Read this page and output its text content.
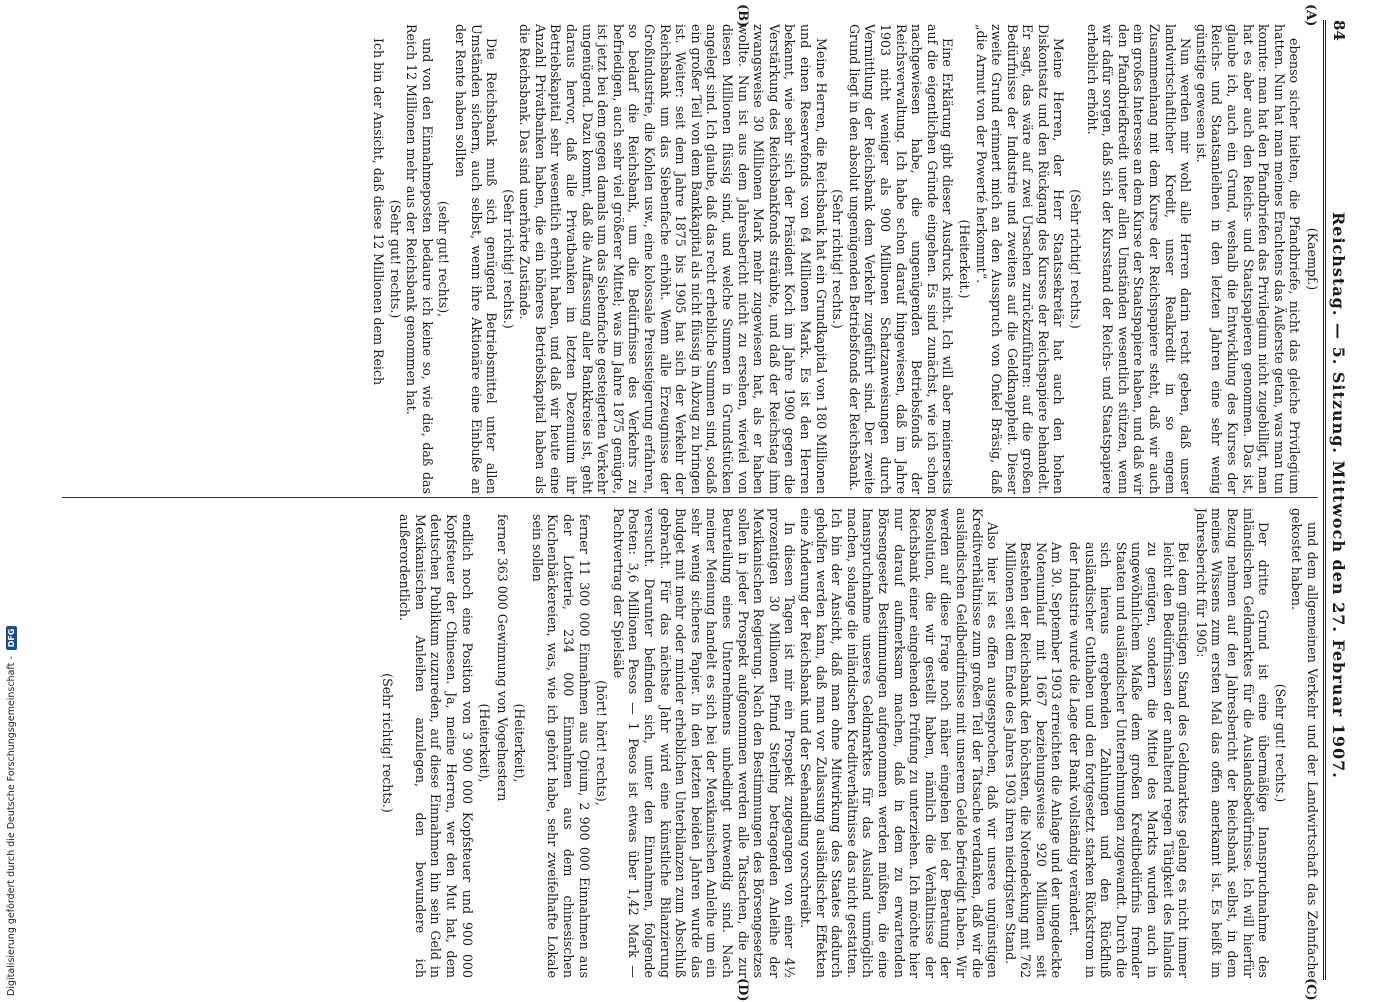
84
Reichstag. — 5. Sitzung. Mittwoch den 27. Februar 1907.
(A)
(B)
(C)
(D)
(Kaempf.)

ebenso sicher hielten, die Pfandbriefe, nicht das gleiche Privilegium hatten. Nun hat man meines Erachtens das Äußerste getan, was man tun konnte: man hat den Pfandbriefen das Privilegium nicht zugebilligt, man hat es aber auch den Reichs- und Staatspapieren genommen. Das ist, glaube ich, auch ein Grund, weshalb die Entwicklung des Kurses der Reichs- und Staatsanleihen in den letzten Jahren eine sehr wenig günstige gewesen ist.

Nun werden mir wohl alle Herren darin recht geben, daß unser landwirtschaftlicher Kredit, unser Realkredit in so engem Zusammenhang mit dem Kurse der Reichspapiere steht, daß wir auch ein großes Interesse an dem Kurse der Staatspapiere haben, und daß wir den Pfandbriefkredit unter allen Umständen wesentlich stützen, wenn wir dafür sorgen, daß sich der Kursstand der Reichs- und Staatspapiere erheblich erhöht.

(Sehr richtig! rechts.)

Meine Herren, der Herr Staatssekretär hat auch den hohen Diskontsatz und den Rückgang des Kurses der Reichspapiere behandelt. Er sagt, das wäre auf zwei Ursachen zurückzuführen: auf die großen Bedürfnisse der Industrie und zweitens auf die Geldknappheit. Dieser zweite Grund erinnert mich an den Ausspruch von Onkel Bräsig, daß „die Armut von der Powerté herkommt“.

(Heiterkeit.)

Eine Erklärung gibt dieser Ausdruck nicht. Ich will aber meinerseits auf die eigentlichen Gründe eingehen. Es sind zunächst, wie ich schon nachgewiesen habe, die ungenügenden Betriebsfonds der Reichsverwaltung. Ich habe schon darauf hingewiesen, daß im Jahre 1903 nicht weniger als 900 Millionen Schatzanweisungen durch Vermittlung der Reichsbank dem Verkehr zugeführt sind. Der zweite Grund liegt in den absolut ungenügenden Betriebsfonds der Reichsbank.

(Sehr richtig! rechts.)

Meine Herren, die Reichsbank hat ein Grundkapital von 180 Millionen und einen Reservefonds von 64 Millionen Mark. Es ist den Herren bekannt, wie sehr sich der Präsident Koch im Jahre 1900 gegen die Verstärkung des Reichsbankfonds sträubte, und daß der Reichstag ihm zwangsweise 30 Millionen Mark mehr zugewiesen hat, als er haben wollte. Nun ist aus dem Jahresbericht nicht zu ersehen, wieviel von diesen Millionen flüssig sind, und welche Summen in Grundstücken angelegt sind. Ich glaube, daß das recht erhebliche Summen sind, sodaß ein großer Teil von dem Bankkapital als nicht flüssig in Abzug zu bringen ist. Weiter: seit dem Jahre 1875 bis 1905 hat sich der Verkehr der Reichsbank um das Siebenfache erhöht. Wenn alle Erzeugnisse der Großindustrie, die Kohlen usw., eine kolossale Preissteigerung erfahren, so bedarf die Reichsbank, um die Bedürfnisse des Verkehrs zu befriedigen, auch sehr viel größerer Mittel; was im Jahre 1875 genügte, ist jetzt bei dem gegen damals um das Siebenfache gesteigerten Verkehr ungenügend. Dazu kommt, daß die Auffassung aller Bankkreise ist, geht daraus hervor, daß alle Privatbanken im letzten Dezennium ihr Betriebskapital sehr wesentlich erhöht haben, und daß wir heute eine Anzahl Privatbanken haben, die ein höheres Betriebskapital haben als die Reichsbank. Das sind unerhörte Zustände.

(Sehr richtig! rechts.)

Die Reichsbank muß sich genügend Betriebsmittel unter allen Umständen sichern, auch selbst, wenn ihre Aktionäre eine Einbuße an der Rente haben sollten

(sehr gut! rechts),

und von den Einnahmeposten bedaure ich keine so, wie die, daß das Reich 12 Millionen mehr aus der Reichsbank genommen hat.

(Sehr gut! rechts.)

Ich bin der Ansicht, daß diese 12 Millionen dem Reich

und dem allgemeinen Verkehr und der Landwirtschaft das Zehnfache gekostet haben.

(Sehr gut! rechts.)

Der dritte Grund ist eine übermäßige Inanspruchnahme des inländischen Geldmarktes für die Auslandsbedürfnisse. Ich will hierfür Bezug nehmen auf den Jahresbericht der Reichsbank selbst, in dem meines Wissens zum ersten Mal das offen anerkannt ist. Es heißt im Jahresbericht für 1905:

Bei dem günstigen Stand des Geldmarktes gelang es nicht immer leicht den Bedürfnissen der anhaltend regen Tätigkeit des Inlands zu genügen, sondern die Mittel des Markts wurden auch in ungewöhnlichem Maße dem großen Kreditbedürfnis fremder Staaten und ausländischer Unternehmungen zugewandt. Durch die sich hieraus ergebenden Zahlungen und den Rückfluß ausländischer Guthaben und den fortgesetzt starken Rückstrom in der Industrie wurde die Lage der Bank vollständig verändert.

Am 30. September 1903 erreichten die Anlage und der ungedeckte Notenumlauf mit 1667 beziehungsweise 920 Millionen seit Bestehen der Reichsbank den höchsten, die Notendeckung mit 762 Millionen seit dem Ende des Jahres 1903 ihren niedrigsten Stand.

Also hier ist es offen ausgesprochen, daß wir unsere ungünstigen Kreditverhältnisse zum großen Teil der Tatsache verdanken, daß wir die ausländischen Geldbedürfnisse mit unserem Gelde befriedigt haben. Wir werden auf diese Frage noch näher eingehen bei der Beratung der Resolution, die wir gestellt haben, nämlich die Verhältnisse der Reichsbank einer eingehenden Prüfung zu unterziehen. Ich möchte hier nur darauf aufmerksam machen, daß in dem zu erwartenden Börsengesetz Bestimmungen aufgenommen werden müßten, die eine Inanspruchnahme unseres Geldmarktes für das Ausland unmöglich machen, solange die inländischen Kreditverhältnisse das nicht gestatten. Ich bin der Ansicht, daß man ohne Mitwirkung des Staates dadurch geholfen werden kann, daß man vor Zulassung ausländischer Effekten eine Änderung der Reichsbank und der Seehandlung vorschreibt.

In diesen Tagen ist mir ein Prospekt zugegangen von einer 4½ prozentigen 30 Millionen Pfund Sterling betragenden Anleihe der Mexikanischen Regierung. Nach den Bestimmungen des Börsengesetzes sollen in jeder Prospekt aufgenommen werden alle Tatsachen, die zur Beurteilung eines Unternehmens unbedingt notwendig sind. Nach meiner Meinung handelt es sich bei der Mexikanischen Anleihe um ein sehr wenig sicheres Papier. In den letzten beiden Jahren wurde das Budget mit mehr oder minder erheblichen Unterbilanzen zum Abschluß gebracht. Für das nächste Jahr wird eine künstliche Bilanzierung versucht. Darunter befinden sich, unter den Einnahmen, folgende Posten: 3,6 Millionen Pesos — 1 Pesos ist etwas über 1,42 Mark — Pachtvertrag der Spielsäle

(hört! hört! rechts),

ferner 11 300 000 Einnahmen aus Opium, 2 900 000 Einnahmen aus der Lotterie, 234 000 Einnahmen aus dem chinesischen Kuchenbäckereien, was, wie ich gehört habe, sehr zweifelhafte Lokale sein sollen

(Heiterkeit),

ferner 363 000 Gewinnung von Vogelnestern

(Heiterkeit),

endlich noch eine Position von 3 900 000 Kopfsteuer und 900 000 Kopfsteuer der Chinesen. Ja, meine Herren, wer den Mut hat, dem deutschen Publikum zuzureden, auf diese Einnahmen hin sein Geld in Mexikanischen Anleihen anzulegen, den bewundere ich außerordentlich.

(Sehr richtig! rechts.)
Digitalisierung gefördert durch die Deutsche Forschungsgemeinschaft -
DFG
